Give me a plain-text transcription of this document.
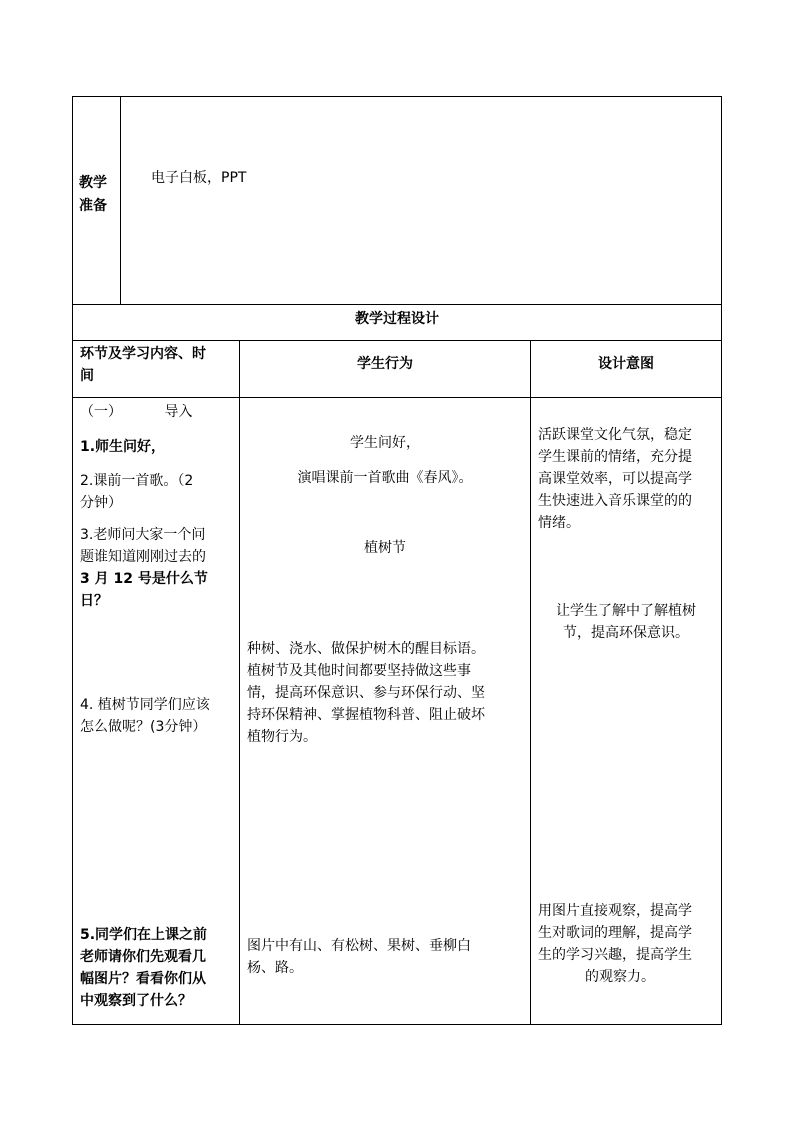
教学
准备
电子白板，PPT
教学过程设计
环节及学习内容、时
间
学生行为	设计意图
（一）	导入
1.师生问好，
2.课前一首歌。（2
分钟）
3.老师问大家一个问
题谁知道刚刚过去的
3 月 12 号是什么节
日？
4. 植树节同学们应该
怎么做呢？(3分钟）
5.同学们在上课之前
老师请你们先观看几
幅图片？看看你们从
中观察到了什么？
学生问好，
演唱课前一首歌曲《春风》。
植树节
种树、浇水、做保护树木的醒目标语。
植树节及其他时间都要坚持做这些事
情，提高环保意识、参与环保行动、坚
持环保精神、掌握植物科普、阻止破坏
植物行为。
图片中有山、有松树、果树、垂柳白
杨、路。
活跃课堂文化气氛，稳定
学生课前的情绪，充分提
高课堂效率，可以提高学
生快速进入音乐课堂的的
情绪。
让学生了解中了解植树
节，提高环保意识。
用图片直接观察，提高学
生对歌词的理解，提高学
生的学习兴趣，提高学生
的观察力。
